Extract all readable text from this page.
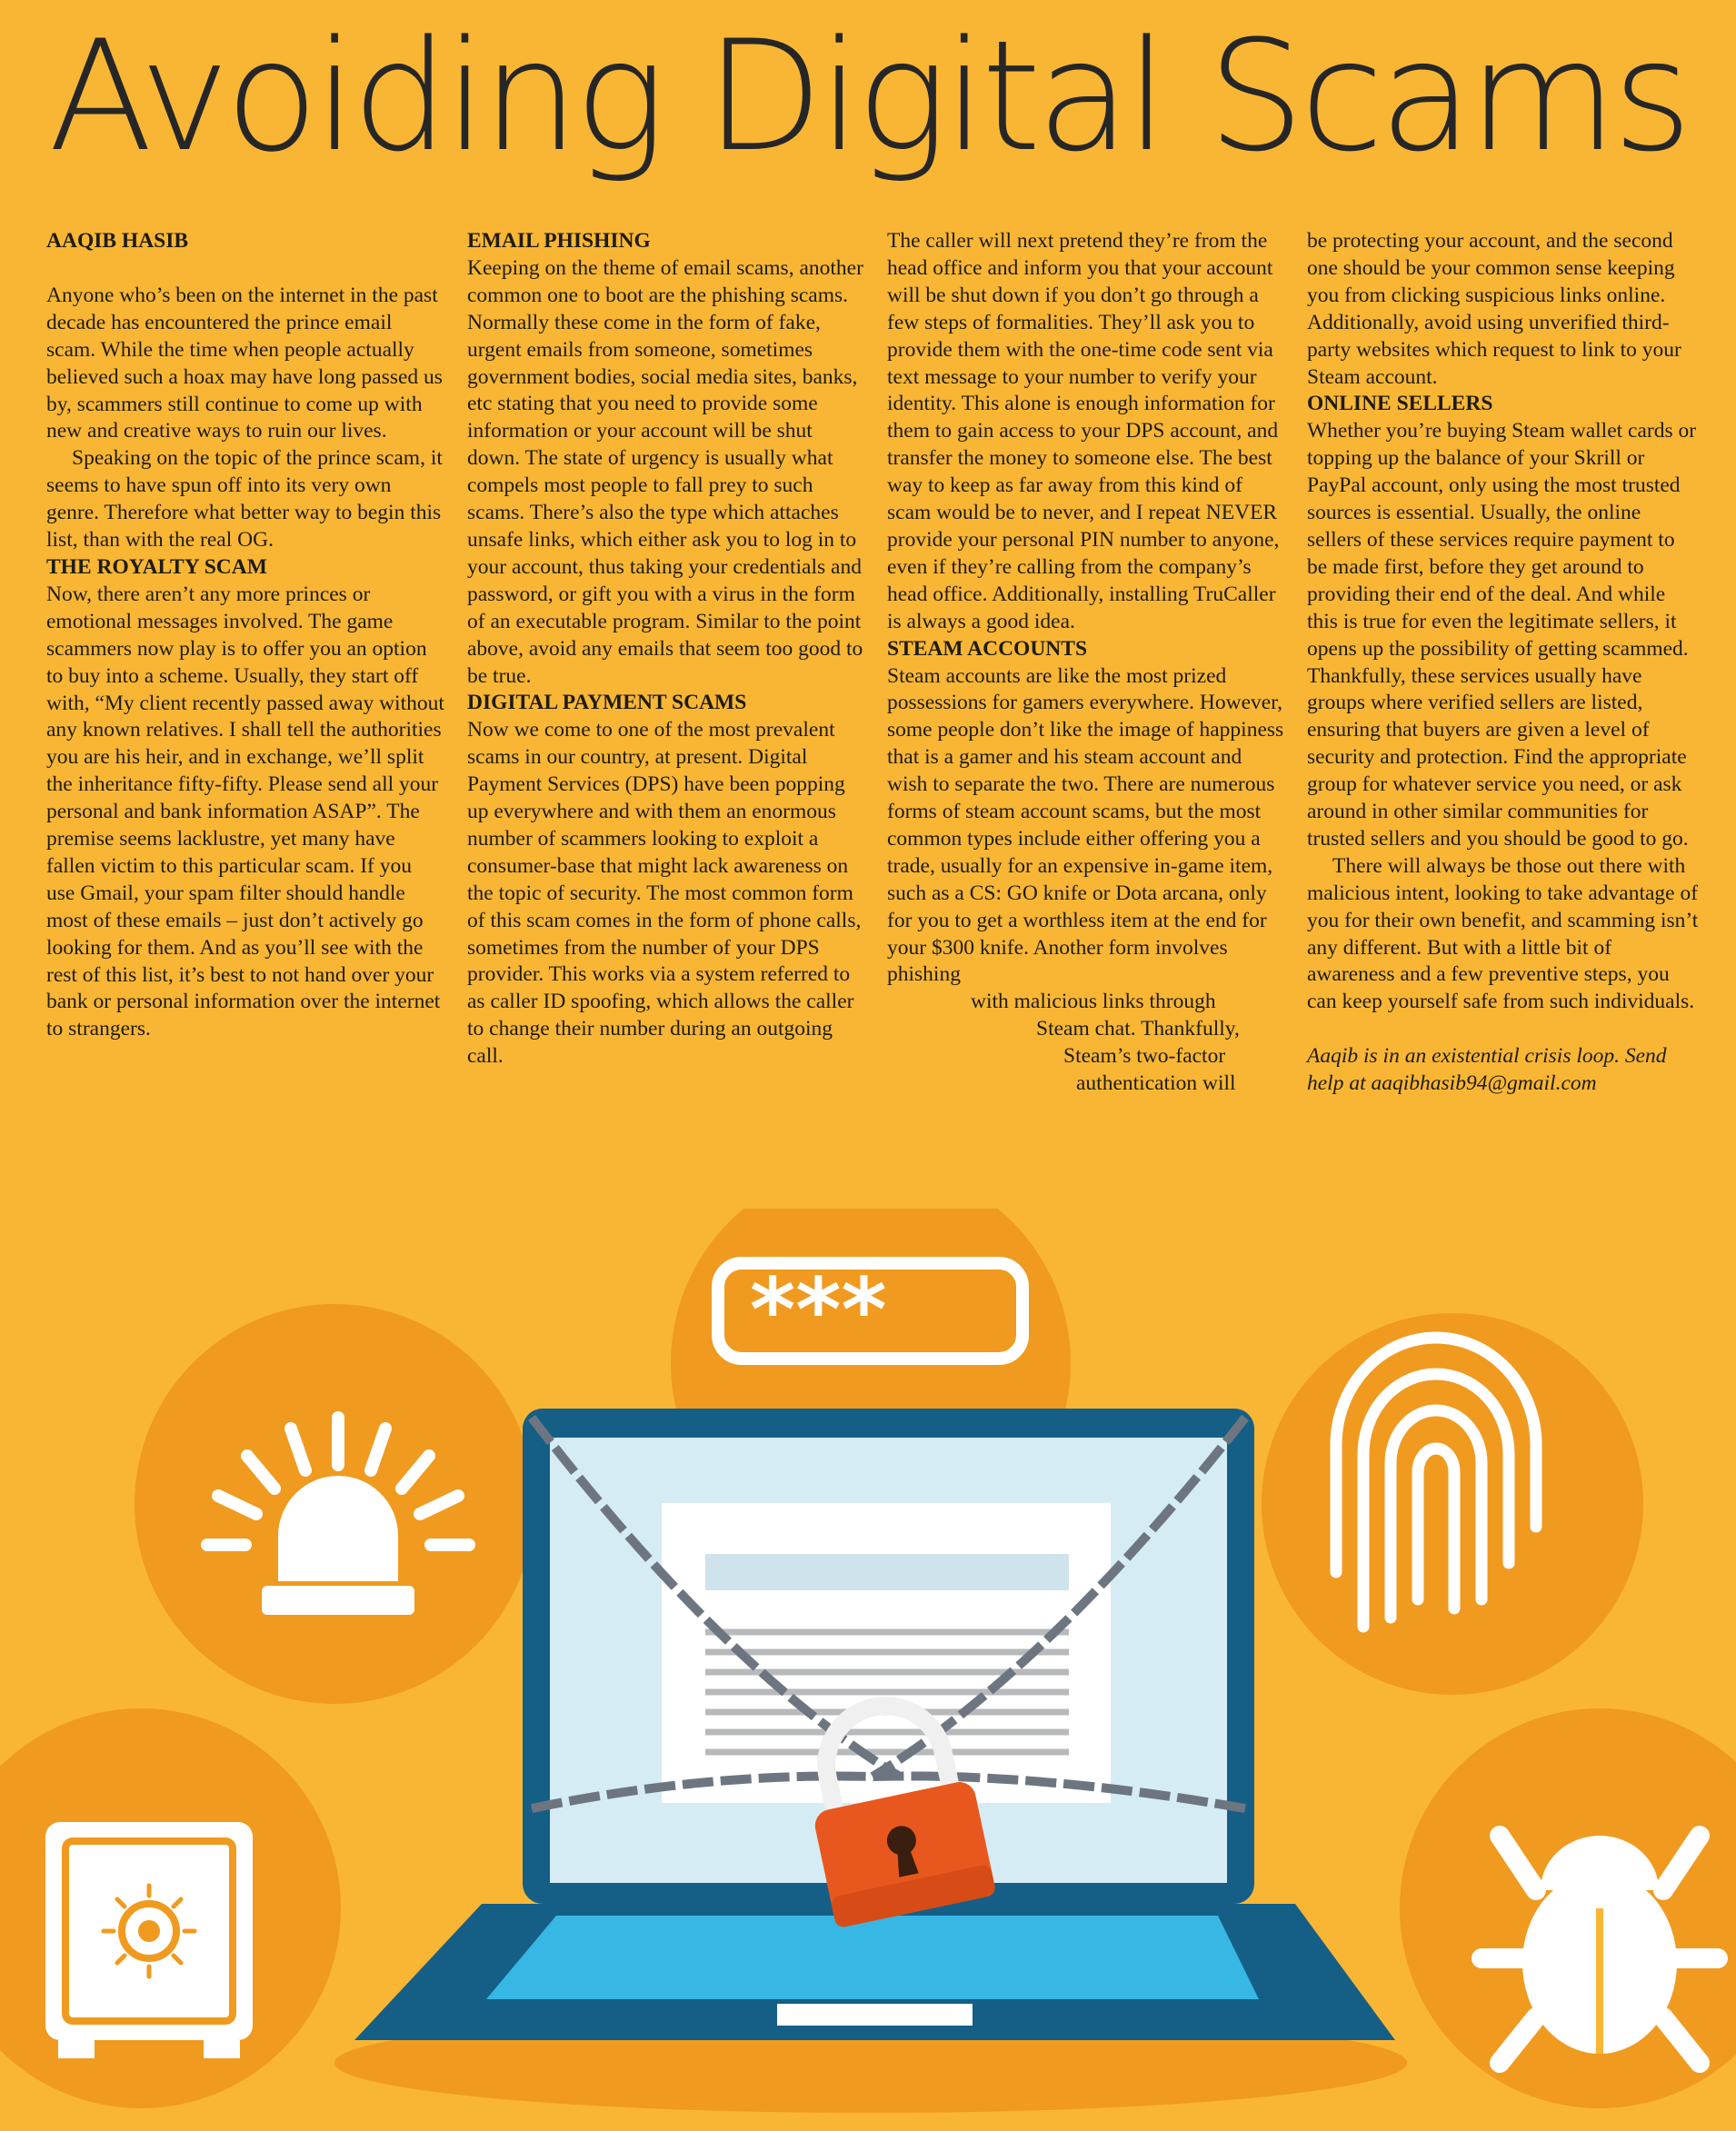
Avoiding Digital Scams

AAQIB HASIB

Anyone who’s been on the internet in the past decade has encountered the prince email scam. While the time when people actually believed such a hoax may have long passed us by, scammers still continue to come up with new and creative ways to ruin our lives.

Speaking on the topic of the prince scam, it seems to have spun off into its very own genre. Therefore what better way to begin this list, than with the real OG.

THE ROYALTY SCAM

Now, there aren’t any more princes or emotional messages involved. The game scammers now play is to offer you an option to buy into a scheme. Usually, they start off with, “My client recently passed away without any known relatives. I shall tell the authorities you are his heir, and in exchange, we’ll split the inheritance fifty-fifty. Please send all your personal and bank information ASAP”. The premise seems lacklustre, yet many have fallen victim to this particular scam. If you use Gmail, your spam filter should handle most of these emails – just don’t actively go looking for them. And as you’ll see with the rest of this list, it’s best to not hand over your bank or personal information over the internet to strangers.

EMAIL PHISHING

Keeping on the theme of email scams, another common one to boot are the phishing scams. Normally these come in the form of fake, urgent emails from someone, sometimes government bodies, social media sites, banks, etc stating that you need to provide some information or your account will be shut down. The state of urgency is usually what compels most people to fall prey to such scams. There’s also the type which attaches unsafe links, which either ask you to log in to your account, thus taking your credentials and password, or gift you with a virus in the form of an executable program. Similar to the point above, avoid any emails that seem too good to be true.

DIGITAL PAYMENT SCAMS

Now we come to one of the most prevalent scams in our country, at present. Digital Payment Services (DPS) have been popping up everywhere and with them an enormous number of scammers looking to exploit a consumer-base that might lack awareness on the topic of security. The most common form of this scam comes in the form of phone calls, sometimes from the number of your DPS provider. This works via a system referred to as caller ID spoofing, which allows the caller to change their number during an outgoing call.

The caller will next pretend they’re from the head office and inform you that your account will be shut down if you don’t go through a few steps of formalities. They’ll ask you to provide them with the one-time code sent via text message to your number to verify your identity. This alone is enough information for them to gain access to your DPS account, and transfer the money to someone else. The best way to keep as far away from this kind of scam would be to never, and I repeat NEVER provide your personal PIN number to anyone, even if they’re calling from the company’s head office. Additionally, installing TruCaller is always a good idea.

STEAM ACCOUNTS

Steam accounts are like the most prized possessions for gamers everywhere. However, some people don’t like the image of happiness that is a gamer and his steam account and wish to separate the two. There are numerous forms of steam account scams, but the most common types include either offering you a trade, usually for an expensive in-game item, such as a CS: GO knife or Dota arcana, only for you to get a worthless item at the end for your $300 knife. Another form involves phishing

with malicious links through

Steam chat. Thankfully,

Steam’s two-factor

authentication will

be protecting your account, and the second one should be your common sense keeping you from clicking suspicious links online. Additionally, avoid using unverified third-party websites which request to link to your Steam account.

ONLINE SELLERS

Whether you’re buying Steam wallet cards or topping up the balance of your Skrill or PayPal account, only using the most trusted sources is essential. Usually, the online sellers of these services require payment to be made first, before they get around to providing their end of the deal. And while this is true for even the legitimate sellers, it opens up the possibility of getting scammed. Thankfully, these services usually have groups where verified sellers are listed, ensuring that buyers are given a level of security and protection. Find the appropriate group for whatever service you need, or ask around in other similar communities for trusted sellers and you should be good to go.

There will always be those out there with malicious intent, looking to take advantage of you for their own benefit, and scamming isn’t any different. But with a little bit of awareness and a few preventive steps, you can keep yourself safe from such individuals.

Aaqib is in an existential crisis loop. Send help at aaqibhasib94@gmail.com

***_
